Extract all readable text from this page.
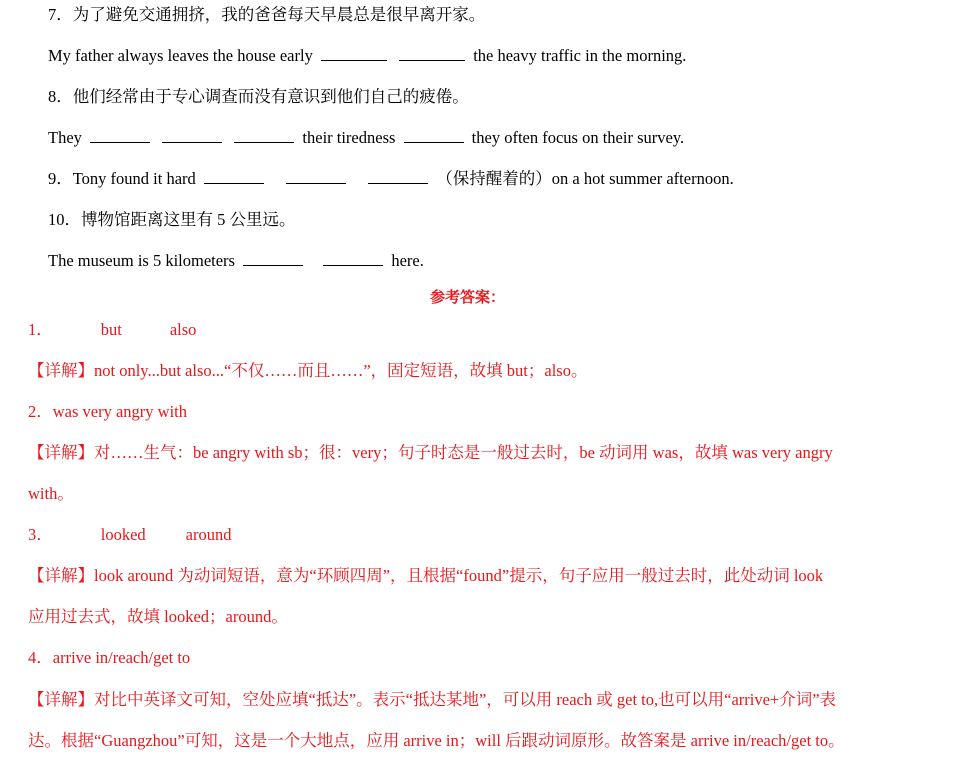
7．为了避免交通拥挤，我的爸爸每天早晨总是很早离开家。
My father always leaves the house early	the heavy traffic in the morning.
8．他们经常由于专心调查而没有意识到他们自己的疲倦。
They	their tiredness	they often focus on their survey.
9．Tony found it hard	（保持醒着的）on a hot summer afternoon.
10．博物馆距离这里有 5 公里远。
The museum is 5 kilometers	here.
参考答案：
1．	but	also
【详解】not only...but also...“不仅……而且……”，固定短语，故填 but；also。
2．was very angry with
【详解】对……生气：be angry with sb；很：very；句子时态是一般过去时，be 动词用 was，故填 was very angry
with。
3．	looked around
【详解】look around 为动词短语，意为“环顾四周”，且根据“found”提示，句子应用一般过去时，此处动词 look
应用过去式，故填 looked；around。
4．arrive in/reach/get to
【详解】对比中英译文可知，空处应填“抵达”。表示“抵达某地”，可以用 reach 或 get to,也可以用“arrive+介词”表
达。根据“Guangzhou”可知，这是一个大地点，应用 arrive in；will 后跟动词原形。故答案是 arrive in/reach/get to。
